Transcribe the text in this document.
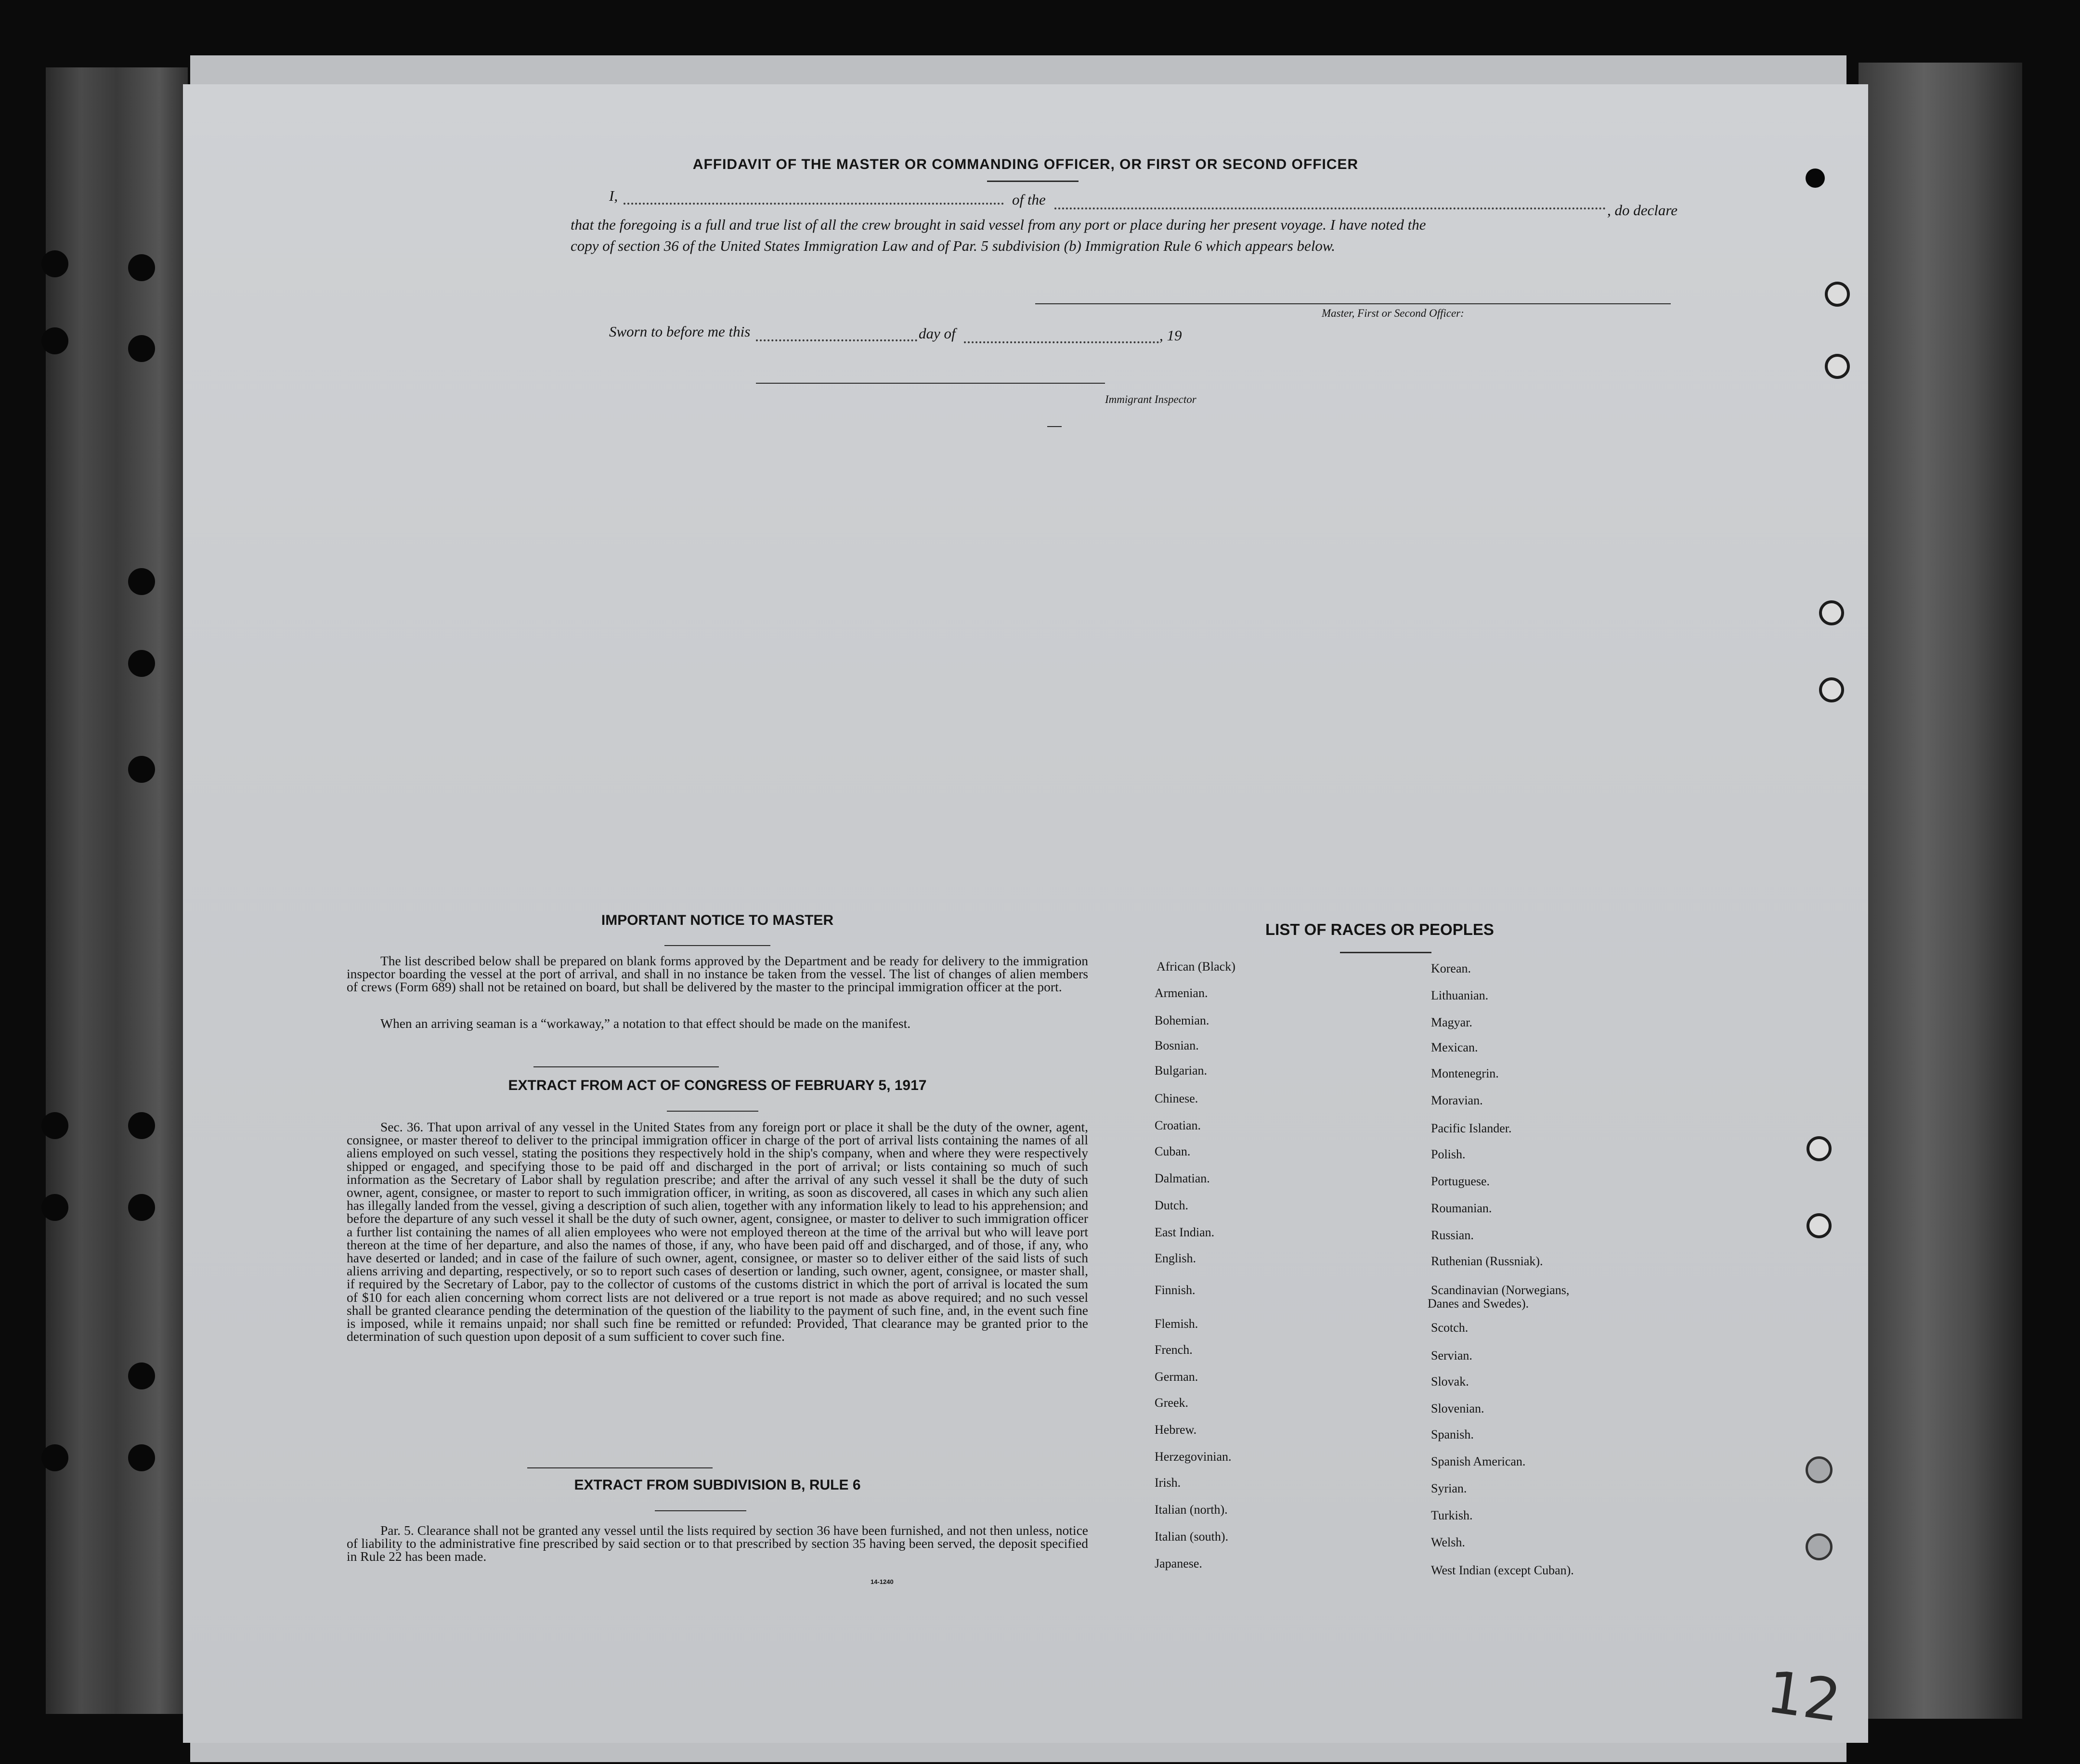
AFFIDAVIT OF THE MASTER OR COMMANDING OFFICER, OR FIRST OR SECOND OFFICER
I,	of the
, do declare
that the foregoing is a full and true list of all the crew brought in said vessel from any port or place during her present voyage. I have noted the
copy of section 36 of the United States Immigration Law and of Par. 5 subdivision (b) Immigration Rule 6 which appears below.
Master, First or Second Officer:
Sworn to before me this	day of	, 19
Immigrant Inspector
IMPORTANT NOTICE TO MASTER

The list described below shall be prepared on blank forms approved by the Department and be ready for delivery to the immigration inspector boarding the vessel at the port of arrival, and shall in no instance be taken from the vessel. The list of changes of alien members of crews (Form 689) shall not be retained on board, but shall be delivered by the master to the principal immigration officer at the port.

When an arriving seaman is a “workaway,” a notation to that effect should be made on the manifest.

EXTRACT FROM ACT OF CONGRESS OF FEBRUARY 5, 1917

Sec. 36. That upon arrival of any vessel in the United States from any foreign port or place it shall be the duty of the owner, agent, consignee, or master thereof to deliver to the principal immigration officer in charge of the port of arrival lists containing the names of all aliens employed on such vessel, stating the positions they respectively hold in the ship's company, when and where they were respectively shipped or engaged, and specifying those to be paid off and discharged in the port of arrival; or lists containing so much of such information as the Secretary of Labor shall by regulation prescribe; and after the arrival of any such vessel it shall be the duty of such owner, agent, consignee, or master to report to such immigration officer, in writing, as soon as discovered, all cases in which any such alien has illegally landed from the vessel, giving a description of such alien, together with any information likely to lead to his apprehension; and before the departure of any such vessel it shall be the duty of such owner, agent, consignee, or master to deliver to such immigration officer a further list containing the names of all alien employees who were not employed thereon at the time of the arrival but who will leave port thereon at the time of her departure, and also the names of those, if any, who have been paid off and discharged, and of those, if any, who have deserted or landed; and in case of the failure of such owner, agent, consignee, or master so to deliver either of the said lists of such aliens arriving and departing, respectively, or so to report such cases of desertion or landing, such owner, agent, consignee, or master shall, if required by the Secretary of Labor, pay to the collector of customs of the customs district in which the port of arrival is located the sum of $10 for each alien concerning whom correct lists are not delivered or a true report is not made as above required; and no such vessel shall be granted clearance pending the determination of the question of the liability to the payment of such fine, and, in the event such fine is imposed, while it remains unpaid; nor shall such fine be remitted or refunded: Provided, That clearance may be granted prior to the determination of such question upon deposit of a sum sufficient to cover such fine.

EXTRACT FROM SUBDIVISION B, RULE 6

Par. 5. Clearance shall not be granted any vessel until the lists required by section 36 have been furnished, and not then unless, notice of liability to the administrative fine prescribed by said section or to that prescribed by section 35 having been served, the deposit specified in Rule 22 has been made.

14-1240
LIST OF RACES OR PEOPLES
African (Black)
Armenian.
Bohemian.
Bosnian.
Bulgarian.
Chinese.
Croatian.
Cuban.
Dalmatian.
Dutch.
East Indian.
English.
Finnish.
Flemish.
French.
German.
Greek.
Hebrew.
Herzegovinian.
Irish.
Italian (north).
Italian (south).
Japanese.
Korean.
Lithuanian.
Magyar.
Mexican.
Montenegrin.
Moravian.
Pacific Islander.
Polish.
Portuguese.
Roumanian.
Russian.
Ruthenian (Russniak).
Scandinavian (Norwegians,
Danes and Swedes).
Scotch.
Servian.
Slovak.
Slovenian.
Spanish.
Spanish American.
Syrian.
Turkish.
Welsh.
West Indian (except Cuban).
12
